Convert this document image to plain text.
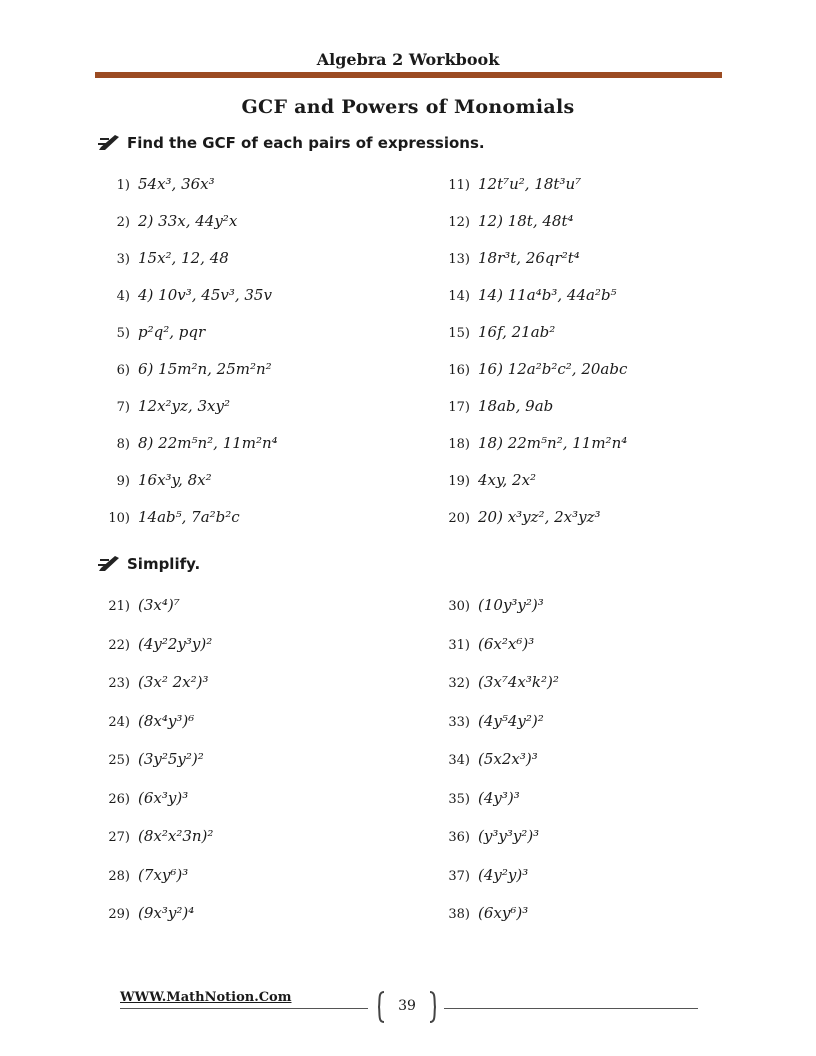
Algebra 2 Workbook
GCF and Powers of Monomials
Find the GCF of each pairs of expressions.
1) 54x³, 36x³
2) 2) 33x, 44y²x
3) 15x², 12, 48
4) 4) 10v³, 45v³, 35v
5) p²q², pqr
6) 6) 15m²n, 25m²n²
7) 12x²yz, 3xy²
8) 8) 22m⁵n², 11m²n⁴
9) 16x³y, 8x²
10) 14ab⁵, 7a²b²c
11) 12t⁷u², 18t³u⁷
12) 12) 18t, 48t⁴
13) 18r³t, 26qr²t⁴
14) 14) 11a⁴b³, 44a²b⁵
15) 16f, 21ab²
16) 16) 12a²b²c², 20abc
17) 18ab, 9ab
18) 18) 22m⁵n², 11m²n⁴
19) 4xy, 2x²
20) 20) x³yz², 2x³yz³
Simplify.
21) (3x⁴)⁷
22) (4y²2y³y)²
23) (3x² 2x²)³
24) (8x⁴y³)⁶
25) (3y²5y²)²
26) (6x³y)³
27) (8x²x²3n)²
28) (7xy⁶)³
29) (9x³y²)⁴
30) (10y³y²)³
31) (6x²x⁶)³
32) (3x⁷4x³k²)²
33) (4y⁵4y²)²
34) (5x2x³)³
35) (4y³)³
36) (y³y³y²)³
37) (4y²y)³
38) (6xy⁶)³
WWW.MathNotion.Com
39
